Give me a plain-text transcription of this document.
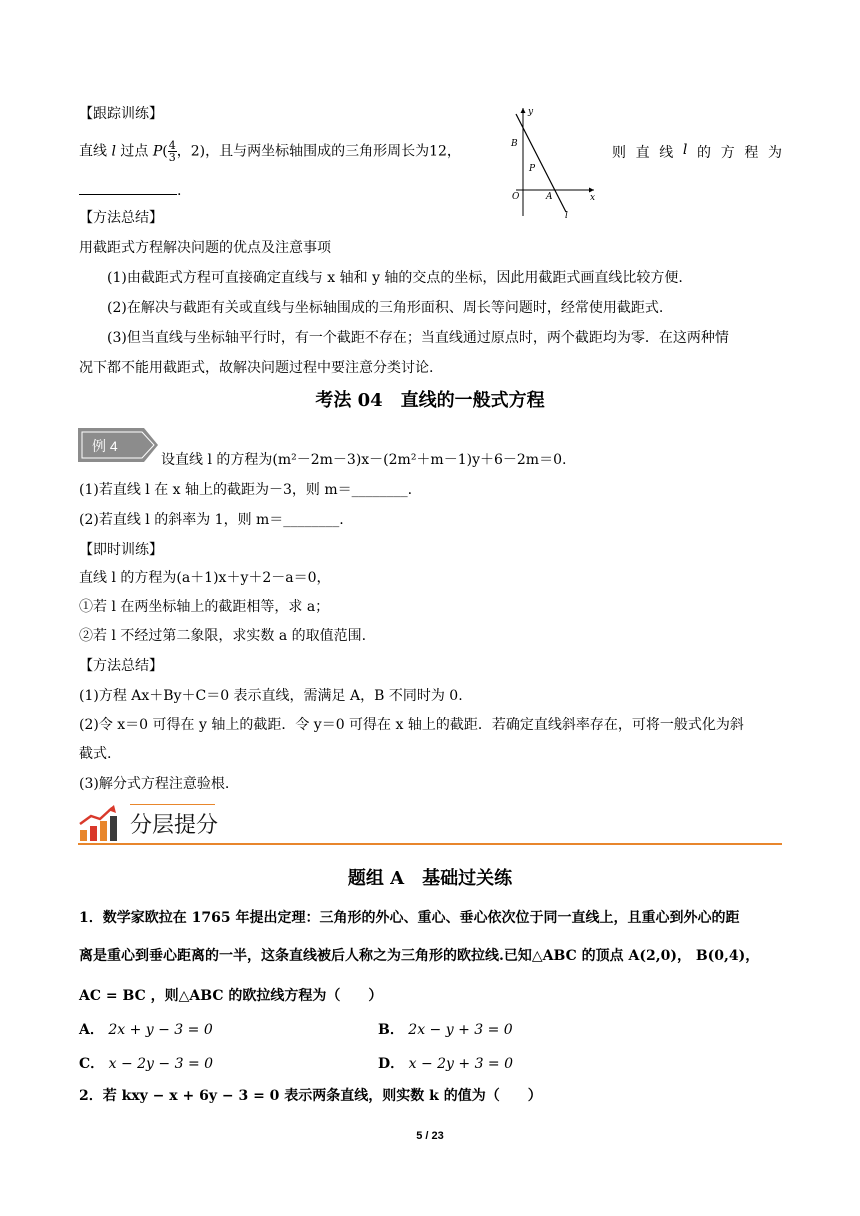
【跟踪训练】
直线 l 过点 $P( \frac{4}{3}$ ，2)，且与两坐标轴围成的三角形周长为12，	则 直 线 l 的 方 程 为
.
y
x
O	A
B
P
l
【方法总结】
用截距式方程解决问题的优点及注意事项
(1)由截距式方程可直接确定直线与 x 轴和 y 轴的交点的坐标，因此用截距式画直线比较方便.
(2)在解决与截距有关或直线与坐标轴围成的三角形面积、周长等问题时，经常使用截距式.
(3)但当直线与坐标轴平行时，有一个截距不存在；当直线通过原点时，两个截距均为零．在这两种情
况下都不能用截距式，故解决问题过程中要注意分类讨论.
考法 04　直线的一般式方程
例 4
设直线 l 的方程为(m²－2m－3)x－(2m²＋m－1)y＋6－2m＝0.
(1)若直线 l 在 x 轴上的截距为－3，则 m＝________.
(2)若直线 l 的斜率为 1，则 m＝________.
【即时训练】
直线 l 的方程为(a＋1)x＋y＋2－a＝0，
①若 l 在两坐标轴上的截距相等，求 a；
②若 l 不经过第二象限，求实数 a 的取值范围.
【方法总结】
(1)方程 Ax＋By＋C＝0 表示直线，需满足 A，B 不同时为 0.
(2)令 x＝0 可得在 y 轴上的截距．令 y＝0 可得在 x 轴上的截距．若确定直线斜率存在，可将一般式化为斜
截式.
(3)解分式方程注意验根.
分层提分
题组 A　基础过关练
1．数学家欧拉在 1765 年提出定理：三角形的外心、重心、垂心依次位于同一直线上，且重心到外心的距
离是重心到垂心距离的一半，这条直线被后人称之为三角形的欧拉线.已知△ABC 的顶点 A(2,0)， B(0,4)，
AC = BC ，则△ABC 的欧拉线方程为（　　）
A． 2x + y − 3 = 0	B． 2x − y + 3 = 0
C． x − 2y − 3 = 0	D． x − 2y + 3 = 0
2．若 kxy − x + 6y − 3 = 0 表示两条直线，则实数 k 的值为（　　）
5 / 23
